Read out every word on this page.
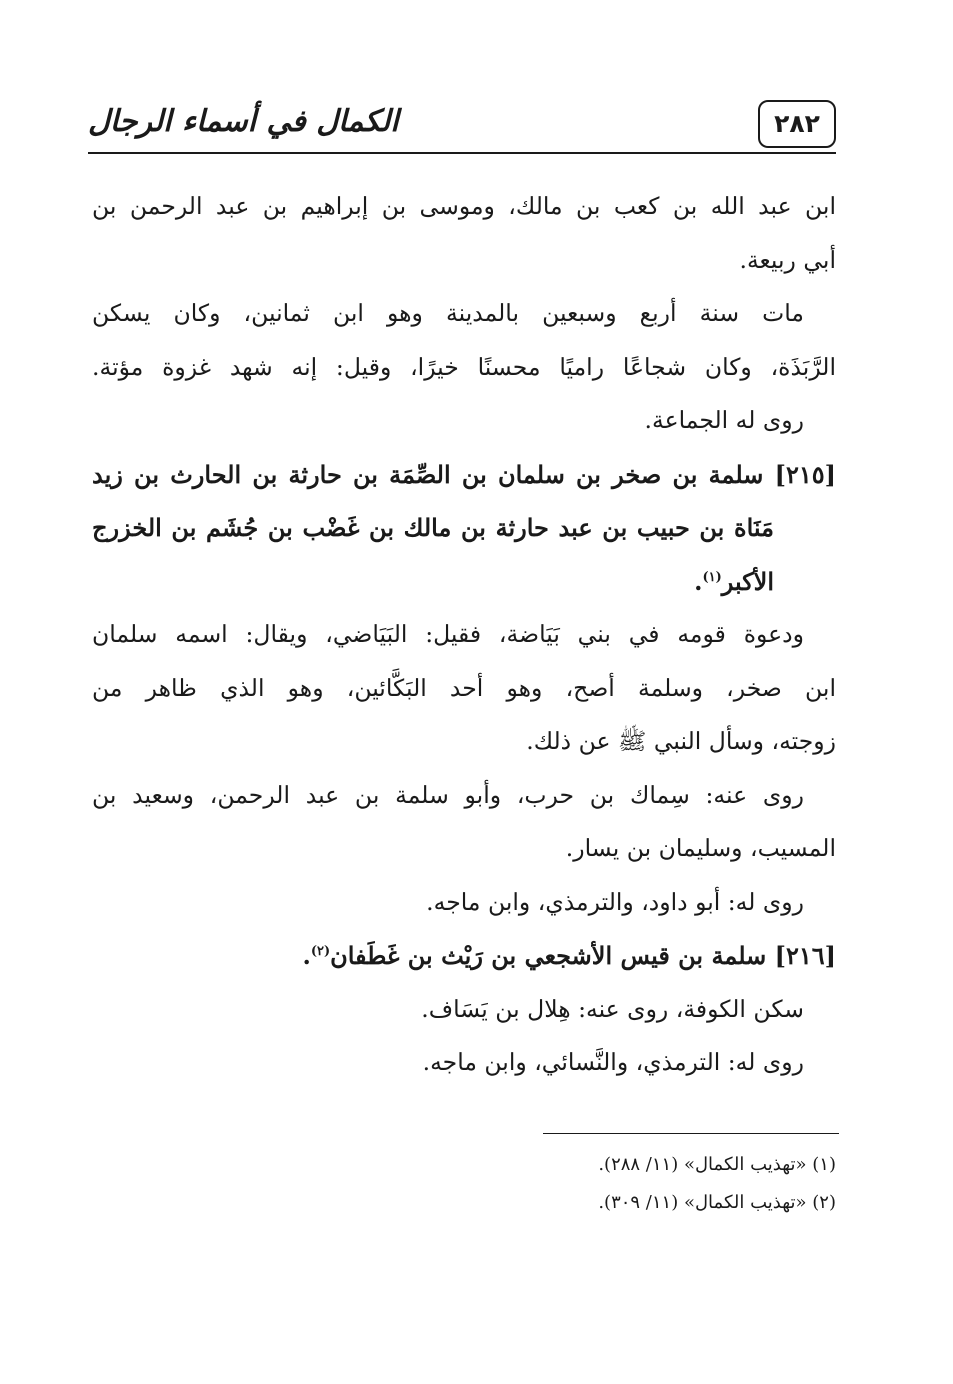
الكمال في أسماء الرجال	٢٨٢
ابن عبد الله بن كعب بن مالك، وموسى بن إبراهيم بن عبد الرحمن بن
أبي ربيعة.
مات سنة أربع وسبعين بالمدينة وهو ابن ثمانين، وكان يسكن
الرَّبَذَة، وكان شجاعًا راميًا محسنًا خيرًا، وقيل: إنه شهد غزوة مؤتة.
روى له الجماعة.
[٢١٥] سلمة بن صخر بن سلمان بن الصِّمَة بن حارثة بن الحارث بن زيد
مَنَاة بن حبيب بن عبد حارثة بن مالك بن غَضْب بن جُشَم بن الخزرج
الأكبر$^{(١)}$.
ودعوة قومه في بني بَيَاضة، فقيل: البَيَاضي، ويقال: اسمه سلمان
ابن صخر، وسلمة أصح، وهو أحد البَكَّائين، وهو الذي ظاهر من
زوجته، وسأل النبي ﷺ عن ذلك.
روى عنه: سِماك بن حرب، وأبو سلمة بن عبد الرحمن، وسعيد بن
المسيب، وسليمان بن يسار.
روى له: أبو داود، والترمذي، وابن ماجه.
[٢١٦] سلمة بن قيس الأشجعي بن رَيْث بن غَطَفان$^{(٢)}$.
سكن الكوفة، روى عنه: هِلال بن يَسَاف.
روى له: الترمذي، والنَّسائي، وابن ماجه.
(١) «تهذيب الكمال» (١١/ ٢٨٨).
(٢) «تهذيب الكمال» (١١/ ٣٠٩).
